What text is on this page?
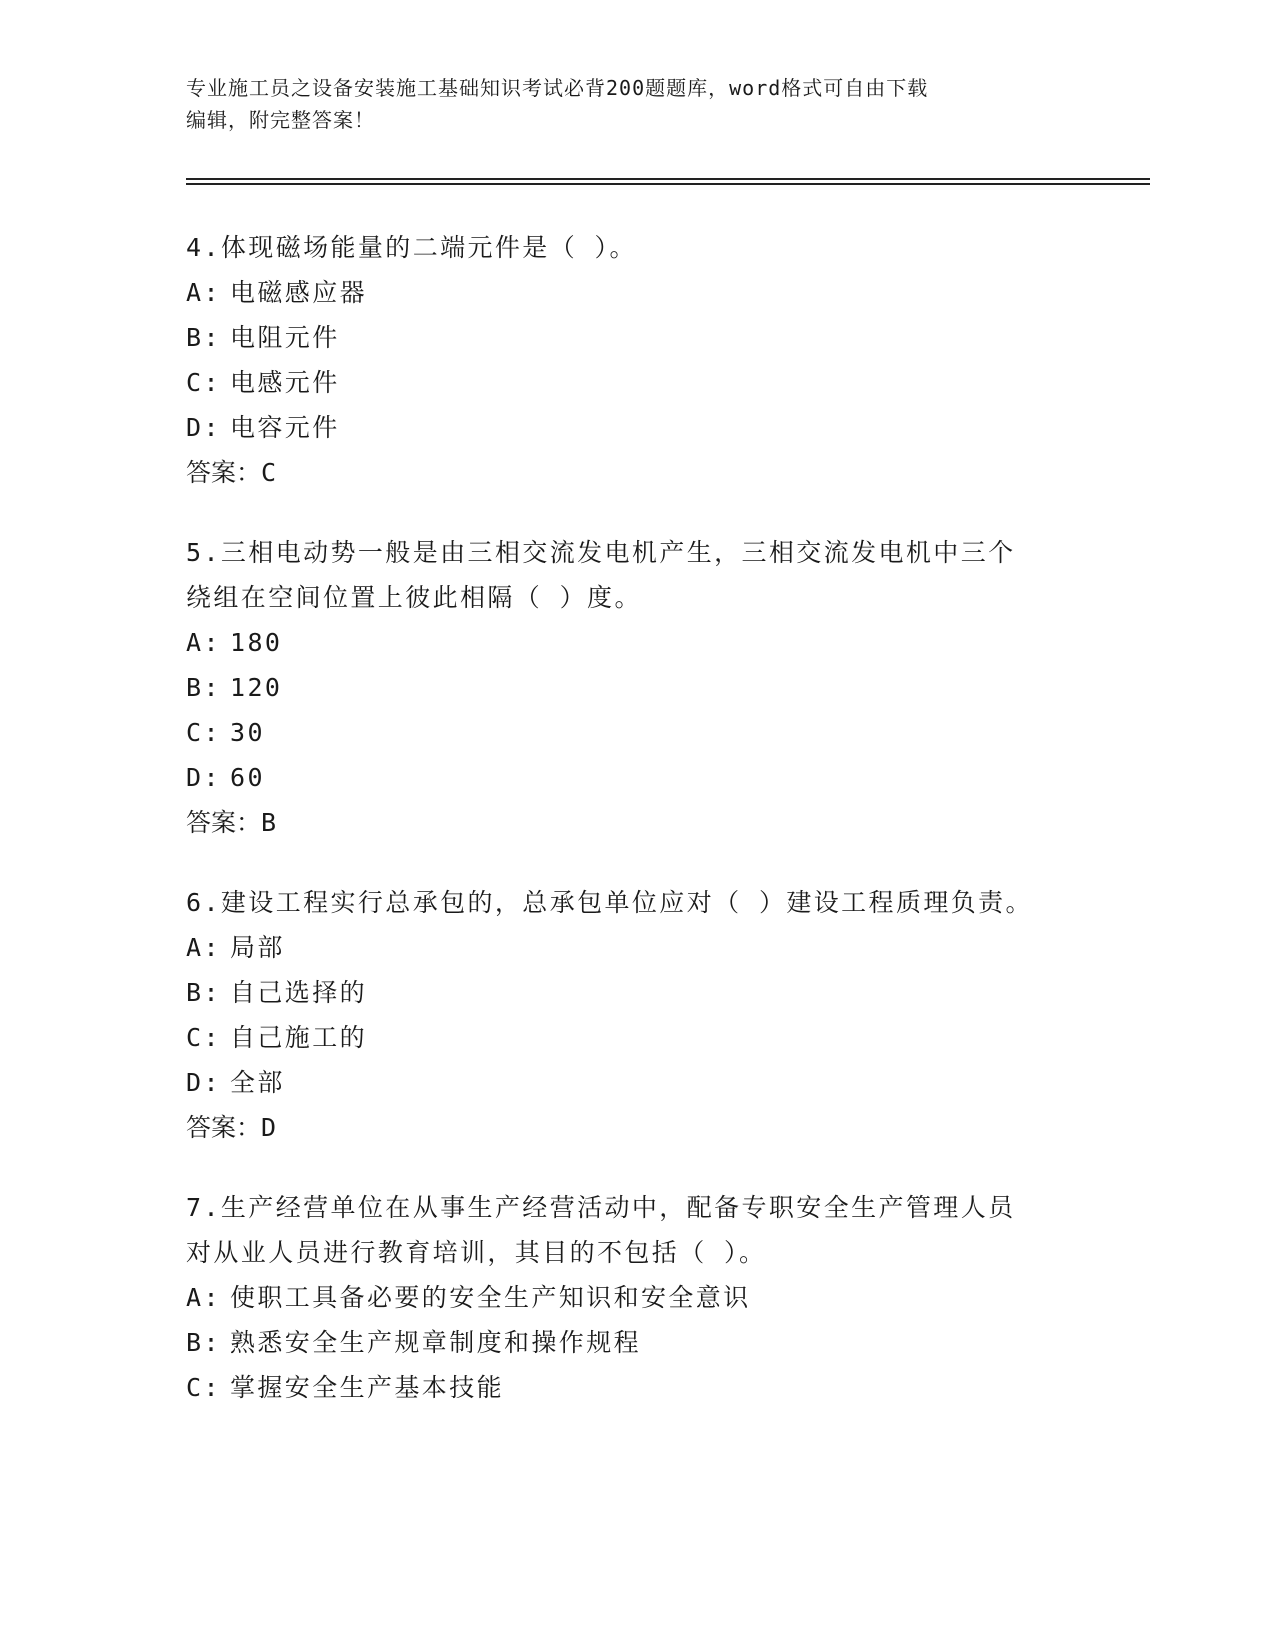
专业施工员之设备安装施工基础知识考试必背200题题库，word格式可自由下载
编辑，附完整答案！

4.体现磁场能量的二端元件是（ ）。

A: 电磁感应器
B: 电阻元件
C: 电感元件
D: 电容元件
答案：C

5.三相电动势一般是由三相交流发电机产生，三相交流发电机中三个
绕组在空间位置上彼此相隔（ ）度。

A: 180
B: 120
C: 30
D: 60
答案：B

6.建设工程实行总承包的，总承包单位应对（ ）建设工程质理负责。

A: 局部
B: 自己选择的
C: 自己施工的
D: 全部
答案：D

7.生产经营单位在从事生产经营活动中，配备专职安全生产管理人员
对从业人员进行教育培训，其目的不包括（ ）。

A: 使职工具备必要的安全生产知识和安全意识
B: 熟悉安全生产规章制度和操作规程
C: 掌握安全生产基本技能
